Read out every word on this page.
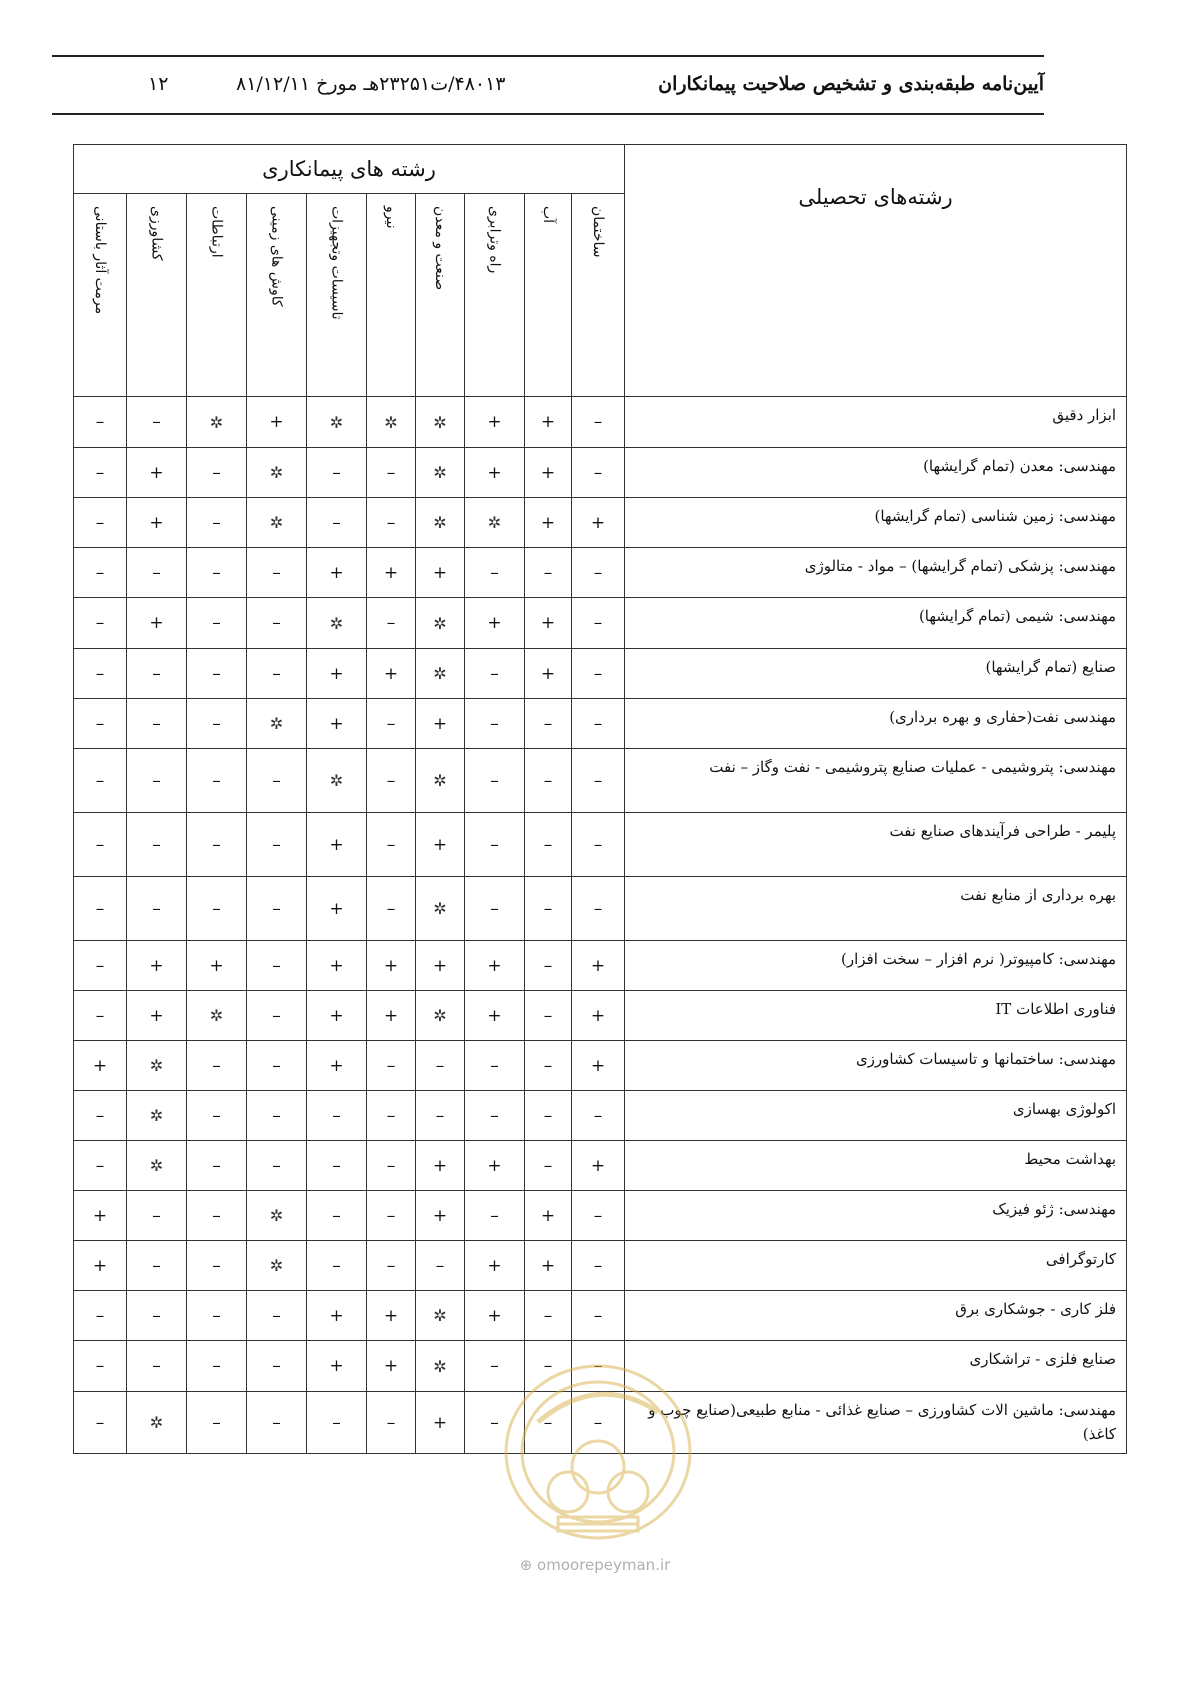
آیین‌نامه طبقه‌بندی و تشخیص صلاحیت پیمانکاران
۴۸۰۱۳/ت۲۳۲۵۱هـ مورخ ۸۱/۱۲/۱۱
۱۲
رشته های پیمانکاری										رشته‌های تحصیلی
مرمت آثار باستانی	کشاورزی	ارتباطات	کاوش های زمینی	تاسیسات وتجهیزات	نیرو	صنعت و معدن	راه وترابری	آب	ساختمان	
–	–	✲	+	✲	✲	✲	+	+	–	ابزار دقیق
–	+	–	✲	–	–	✲	+	+	–	مهندسی: معدن (تمام گرایشها)
–	+	–	✲	–	–	✲	✲	+	+	مهندسی: زمین شناسی (تمام گرایشها)
–	–	–	–	+	+	+	–	–	–	مهندسی: پزشکی (تمام گرایشها) – مواد - متالوژی
–	+	–	–	✲	–	✲	+	+	–	مهندسی: شیمی (تمام گرایشها)
–	–	–	–	+	+	✲	–	+	–	صنایع (تمام گرایشها)
–	–	–	✲	+	–	+	–	–	–	مهندسی نفت(حفاری و بهره برداری)
–	–	–	–	✲	–	✲	–	–	–	مهندسی: پتروشیمی - عملیات صنایع پتروشیمی - نفت وگاز – نفت
–	–	–	–	+	–	+	–	–	–	پلیمر - طراحی فرآیندهای صنایع نفت
–	–	–	–	+	–	✲	–	–	–	بهره برداری از منابع نفت
–	+	+	–	+	+	+	+	–	+	مهندسی: کامپیوتر( نرم افزار – سخت افزار)
–	+	✲	–	+	+	✲	+	–	+	فناوری اطلاعات IT
+	✲	–	–	+	–	–	–	–	+	مهندسی: ساختمانها و تاسیسات کشاورزی
–	✲	–	–	–	–	–	–	–	–	اکولوژی بهسازی
–	✲	–	–	–	–	+	+	–	+	بهداشت محیط
+	–	–	✲	–	–	+	–	+	–	مهندسی: ژئو فیزیک
+	–	–	✲	–	–	–	+	+	–	کارتوگرافی
–	–	–	–	+	+	✲	+	–	–	فلز کاری - جوشکاری برق
–	–	–	–	+	+	✲	–	–	–	صنایع فلزی - تراشکاری
–	✲	–	–	–	–	+	–	–	–	مهندسی: ماشین الات کشاورزی – صنایع غذائی - منابع طبیعی(صنایع چوب و کاغذ)
⊕ omoorepeyman.ir
